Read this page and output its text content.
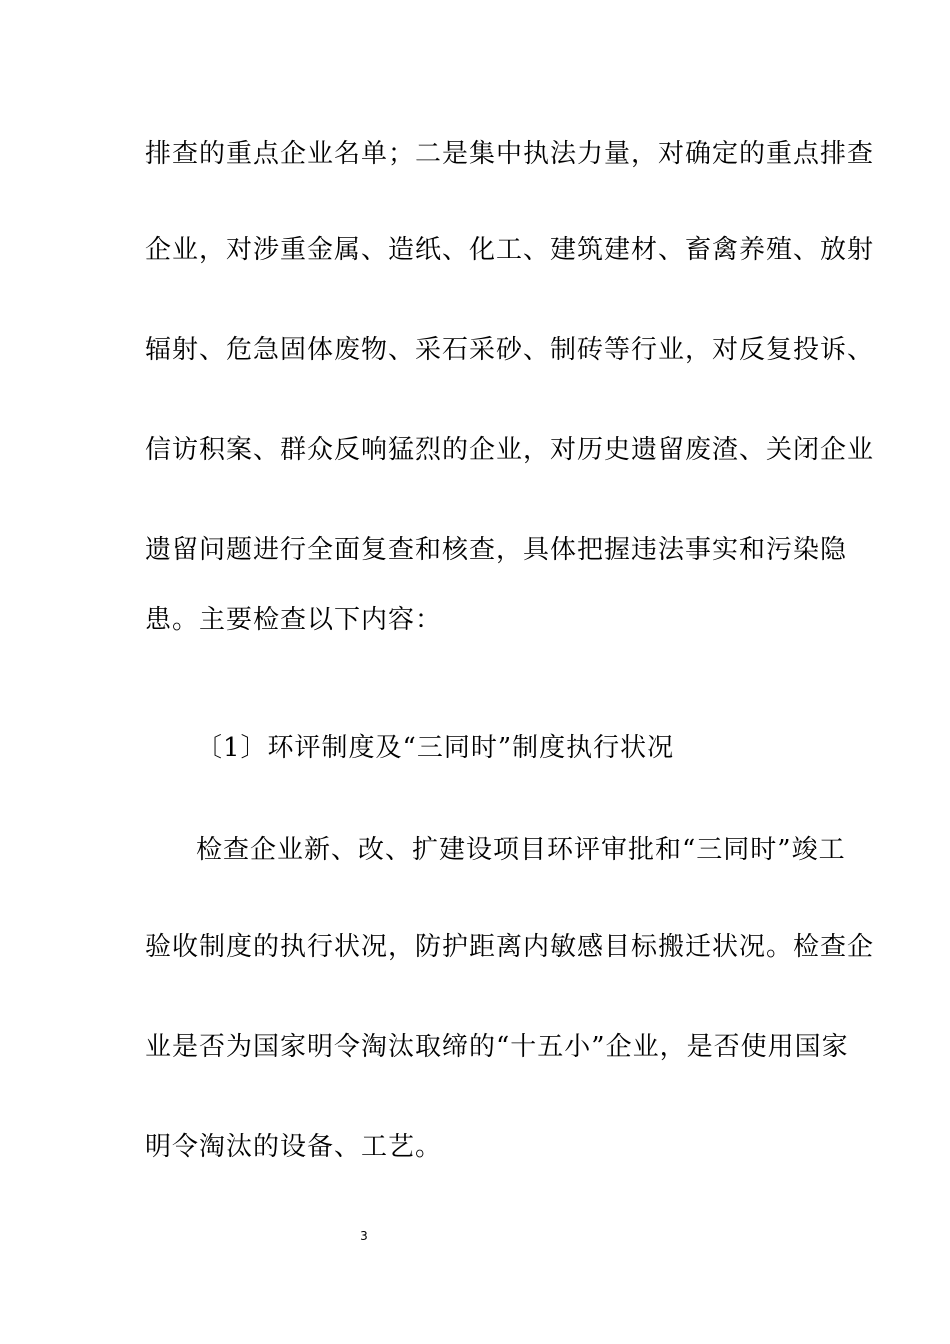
排查的重点企业名单；二是集中执法力量，对确定的重点排查
企业，对涉重金属、造纸、化工、建筑建材、畜禽养殖、放射
辐射、危急固体废物、采石采砂、制砖等行业，对反复投诉、
信访积案、群众反响猛烈的企业，对历史遗留废渣、关闭企业
遗留问题进行全面复查和核查，具体把握违法事实和污染隐
患。主要检查以下内容：
〔1〕环评制度及“三同时”制度执行状况
检查企业新、改、扩建设项目环评审批和“三同时”竣工
验收制度的执行状况，防护距离内敏感目标搬迁状况。检查企
业是否为国家明令淘汰取缔的“十五小”企业，是否使用国家
明令淘汰的设备、工艺。
3
